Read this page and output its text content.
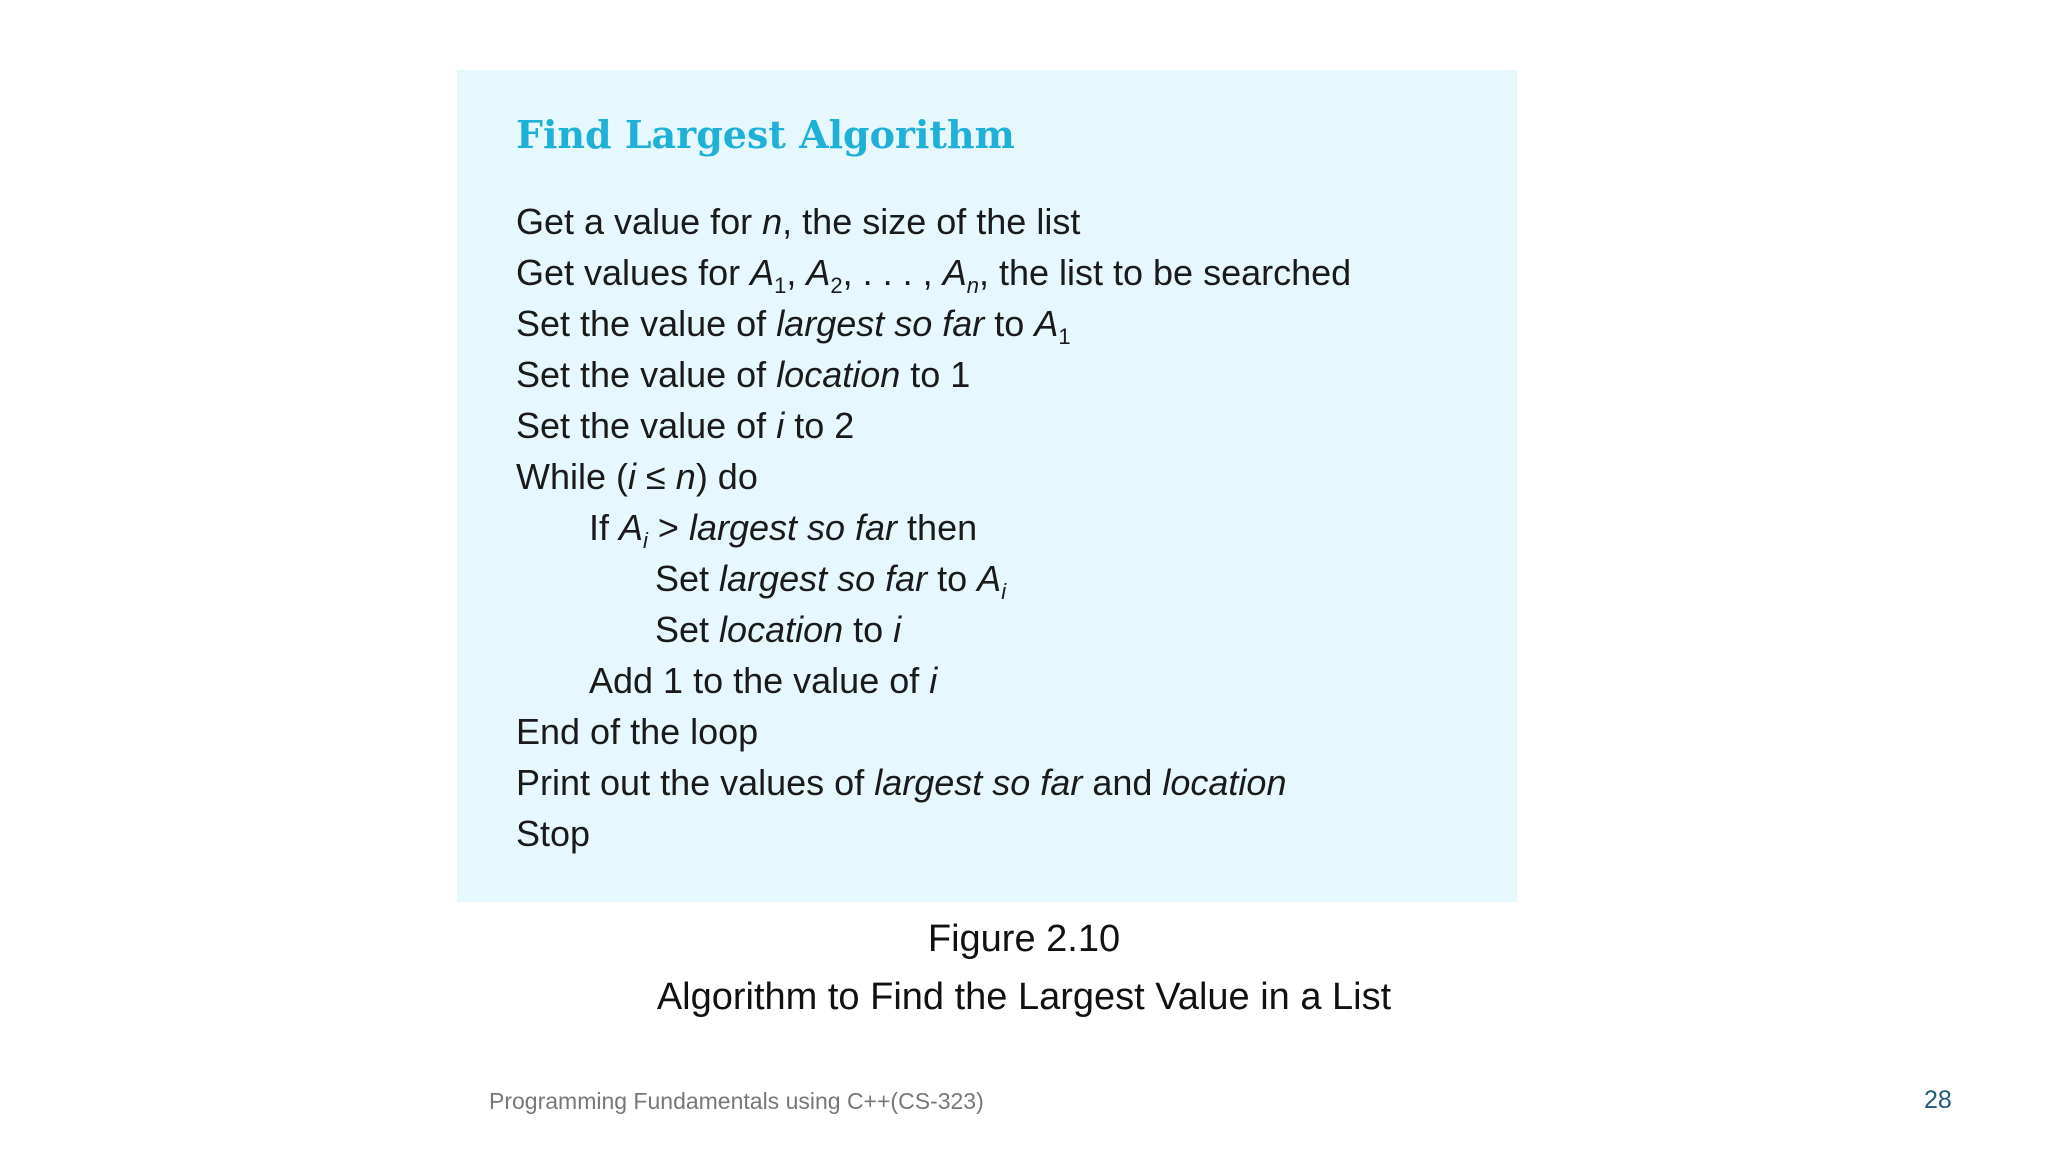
Find Largest Algorithm
Get a value for n, the size of the list
Get values for $A_1$, $A_2$, . . . , $A_n$, the list to be searched
Set the value of largest so far to $A_1$
Set the value of location to 1
Set the value of i to 2
While (i ≤ n) do
If $A_i$ > largest so far then
Set largest so far to $A_i$
Set location to i
Add 1 to the value of i
End of the loop
Print out the values of largest so far and location
Stop

Figure 2.10

Algorithm to Find the Largest Value in a List

Programming Fundamentals using C++(CS-323)	28
